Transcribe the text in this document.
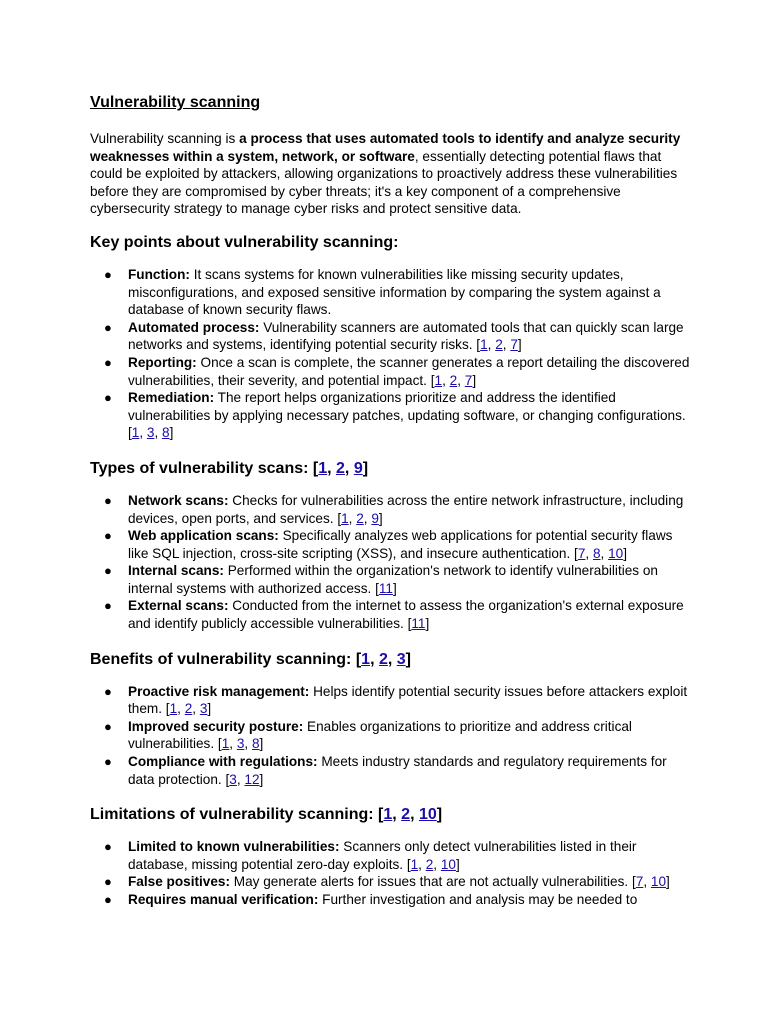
Vulnerability scanning

Vulnerability scanning is a process that uses automated tools to identify and analyze security weaknesses within a system, network, or software, essentially detecting potential flaws that could be exploited by attackers, allowing organizations to proactively address these vulnerabilities before they are compromised by cyber threats; it's a key component of a comprehensive cybersecurity strategy to manage cyber risks and protect sensitive data.

Key points about vulnerability scanning:
● Function: It scans systems for known vulnerabilities like missing security updates, misconfigurations, and exposed sensitive information by comparing the system against a database of known security flaws.
● Automated process: Vulnerability scanners are automated tools that can quickly scan large networks and systems, identifying potential security risks. [1, 2, 7]
● Reporting: Once a scan is complete, the scanner generates a report detailing the discovered vulnerabilities, their severity, and potential impact. [1, 2, 7]
● Remediation: The report helps organizations prioritize and address the identified vulnerabilities by applying necessary patches, updating software, or changing configurations. [1, 3, 8]
Types of vulnerability scans: [1, 2, 9]
● Network scans: Checks for vulnerabilities across the entire network infrastructure, including devices, open ports, and services. [1, 2, 9]
● Web application scans: Specifically analyzes web applications for potential security flaws like SQL injection, cross-site scripting (XSS), and insecure authentication. [7, 8, 10]
● Internal scans: Performed within the organization's network to identify vulnerabilities on internal systems with authorized access. [11]
● External scans: Conducted from the internet to assess the organization's external exposure and identify publicly accessible vulnerabilities. [11]
Benefits of vulnerability scanning: [1, 2, 3]
● Proactive risk management: Helps identify potential security issues before attackers exploit them. [1, 2, 3]
● Improved security posture: Enables organizations to prioritize and address critical vulnerabilities. [1, 3, 8]
● Compliance with regulations: Meets industry standards and regulatory requirements for data protection. [3, 12]
Limitations of vulnerability scanning: [1, 2, 10]
● Limited to known vulnerabilities: Scanners only detect vulnerabilities listed in their database, missing potential zero-day exploits. [1, 2, 10]
● False positives: May generate alerts for issues that are not actually vulnerabilities. [7, 10]
● Requires manual verification: Further investigation and analysis may be needed to
